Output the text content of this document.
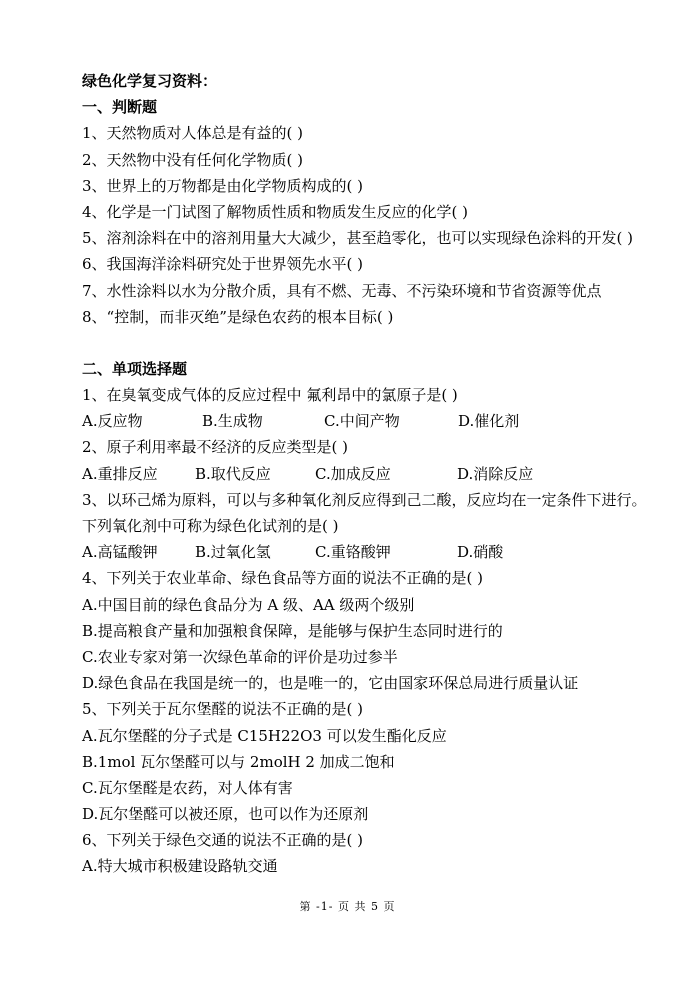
绿色化学复习资料：
一、判断题
1、天然物质对人体总是有益的( )
2、天然物中没有任何化学物质( )
3、世界上的万物都是由化学物质构成的( )
4、化学是一门试图了解物质性质和物质发生反应的化学( )
5、溶剂涂料在中的溶剂用量大大减少，甚至趋零化，也可以实现绿色涂料的开发( )
6、我国海洋涂料研究处于世界领先水平( )
7、水性涂料以水为分散介质，具有不燃、无毒、不污染环境和节省资源等优点
8、“控制，而非灭绝”是绿色农药的根本目标( )
二、单项选择题
1、在臭氧变成气体的反应过程中 氟利昂中的氯原子是( )
A.反应物	B.生成物	C.中间产物	D.催化剂
2、原子利用率最不经济的反应类型是( )
A.重排反应	B.取代反应	C.加成反应	D.消除反应
3、以环己烯为原料，可以与多种氧化剂反应得到己二酸，反应均在一定条件下进行。下列氧化剂中可称为绿色化试剂的是( )
A.高锰酸钾	B.过氧化氢	C.重铬酸钾	D.硝酸
4、下列关于农业革命、绿色食品等方面的说法不正确的是( )
A.中国目前的绿色食品分为 A 级、AA 级两个级别
B.提高粮食产量和加强粮食保障，是能够与保护生态同时进行的
C.农业专家对第一次绿色革命的评价是功过参半
D.绿色食品在我国是统一的，也是唯一的，它由国家环保总局进行质量认证
5、下列关于瓦尔堡醛的说法不正确的是( )
A.瓦尔堡醛的分子式是 C15H22O3 可以发生酯化反应
B.1mol 瓦尔堡醛可以与 2molH 2 加成二饱和
C.瓦尔堡醛是农药，对人体有害
D.瓦尔堡醛可以被还原，也可以作为还原剂
6、下列关于绿色交通的说法不正确的是( )
A.特大城市积极建设路轨交通
第 -1- 页 共 5 页
